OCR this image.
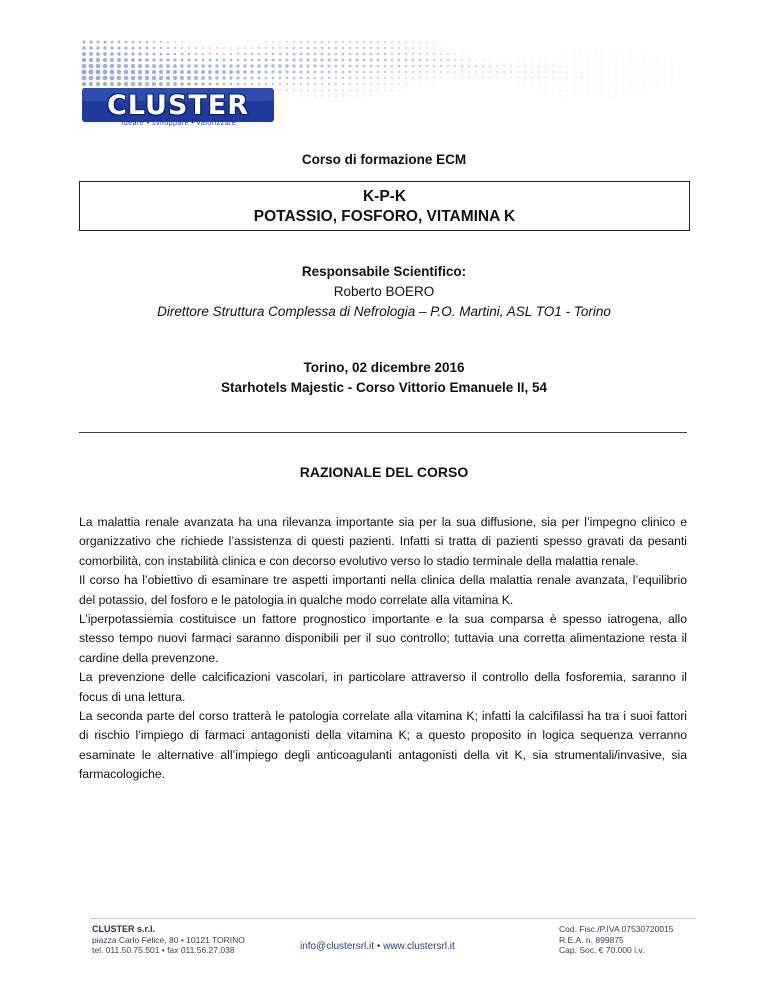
CLUSTER
ideare • sviluppare • valorizzare
Corso di formazione ECM
K-P-K
POTASSIO, FOSFORO, VITAMINA K
Responsabile Scientifico:
Roberto BOERO
Direttore Struttura Complessa di Nefrologia – P.O. Martini, ASL TO1 - Torino
Torino, 02 dicembre 2016
Starhotels Majestic - Corso Vittorio Emanuele II, 54
RAZIONALE DEL CORSO

La malattia renale avanzata ha una rilevanza importante sia per la sua diffusione, sia per l’impegno clinico e organizzativo che richiede l’assistenza di questi pazienti. Infatti si tratta di pazienti spesso gravati da pesanti comorbilità, con instabilità clinica e con decorso evolutivo verso lo stadio terminale della malattia renale.

Il corso ha l’obiettivo di esaminare tre aspetti importanti nella clinica della malattia renale avanzata, l’equilibrio del potassio, del fosforo e le patologia in qualche modo correlate alla vitamina K.

L’iperpotassiemia costituisce un fattore prognostico importante e la sua comparsa è spesso iatrogena, allo stesso tempo nuovi farmaci saranno disponibili per il suo controllo; tuttavia una corretta alimentazione resta il cardine della prevenzone.

La prevenzione delle calcificazioni vascolari, in particolare attraverso il controllo della fosforemia, saranno il focus di una lettura.

La seconda parte del corso tratterà le patologia correlate alla vitamina K; infatti la calcifilassi ha tra i suoi fattori di rischio l’impiego di farmaci antagonisti della vitamina K; a questo proposito in logica sequenza verranno esaminate le alternative all’impiego degli anticoagulanti antagonisti della vit K, sia strumentali/invasive, sia farmacologiche.

CLUSTER s.r.l.
piazza Carlo Felice, 80 • 10121 TORINO
tel. 011.50.75.501 • fax 011.56.27.038	info@clustersrl.it • www.clustersrl.it
Cod. Fisc./P.IVA 07530720015
R.E.A. n. 899875
Cap. Soc. € 70.000 i.v.
